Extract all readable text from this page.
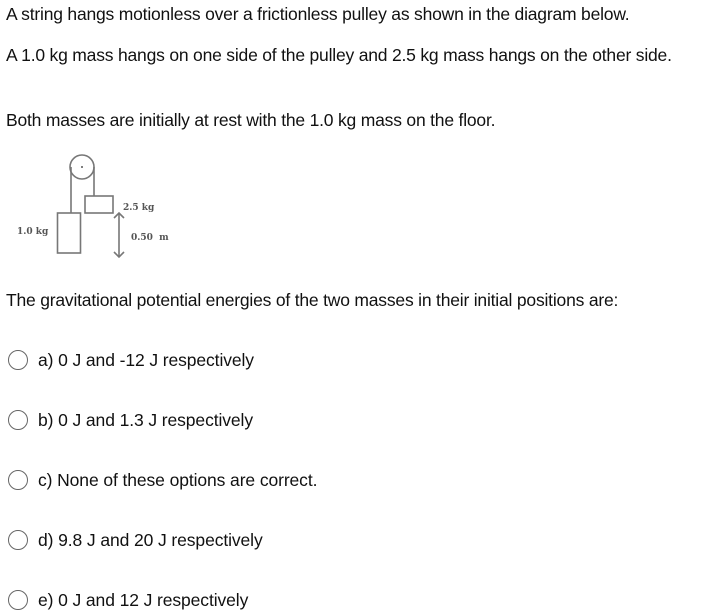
A string hangs motionless over a frictionless pulley as shown in the diagram below.

A 1.0 kg mass hangs on one side of the pulley and 2.5 kg mass hangs on the other side.

Both masses are initially at rest with the 1.0 kg mass on the floor.

1.0 kg
2.5 kg
0.50  m

The gravitational potential energies of the two masses in their initial positions are:

a) 0 J and -12 J respectively
b) 0 J and 1.3 J respectively
c) None of these options are correct.
d) 9.8 J and 20 J respectively
e) 0 J and 12 J respectively
